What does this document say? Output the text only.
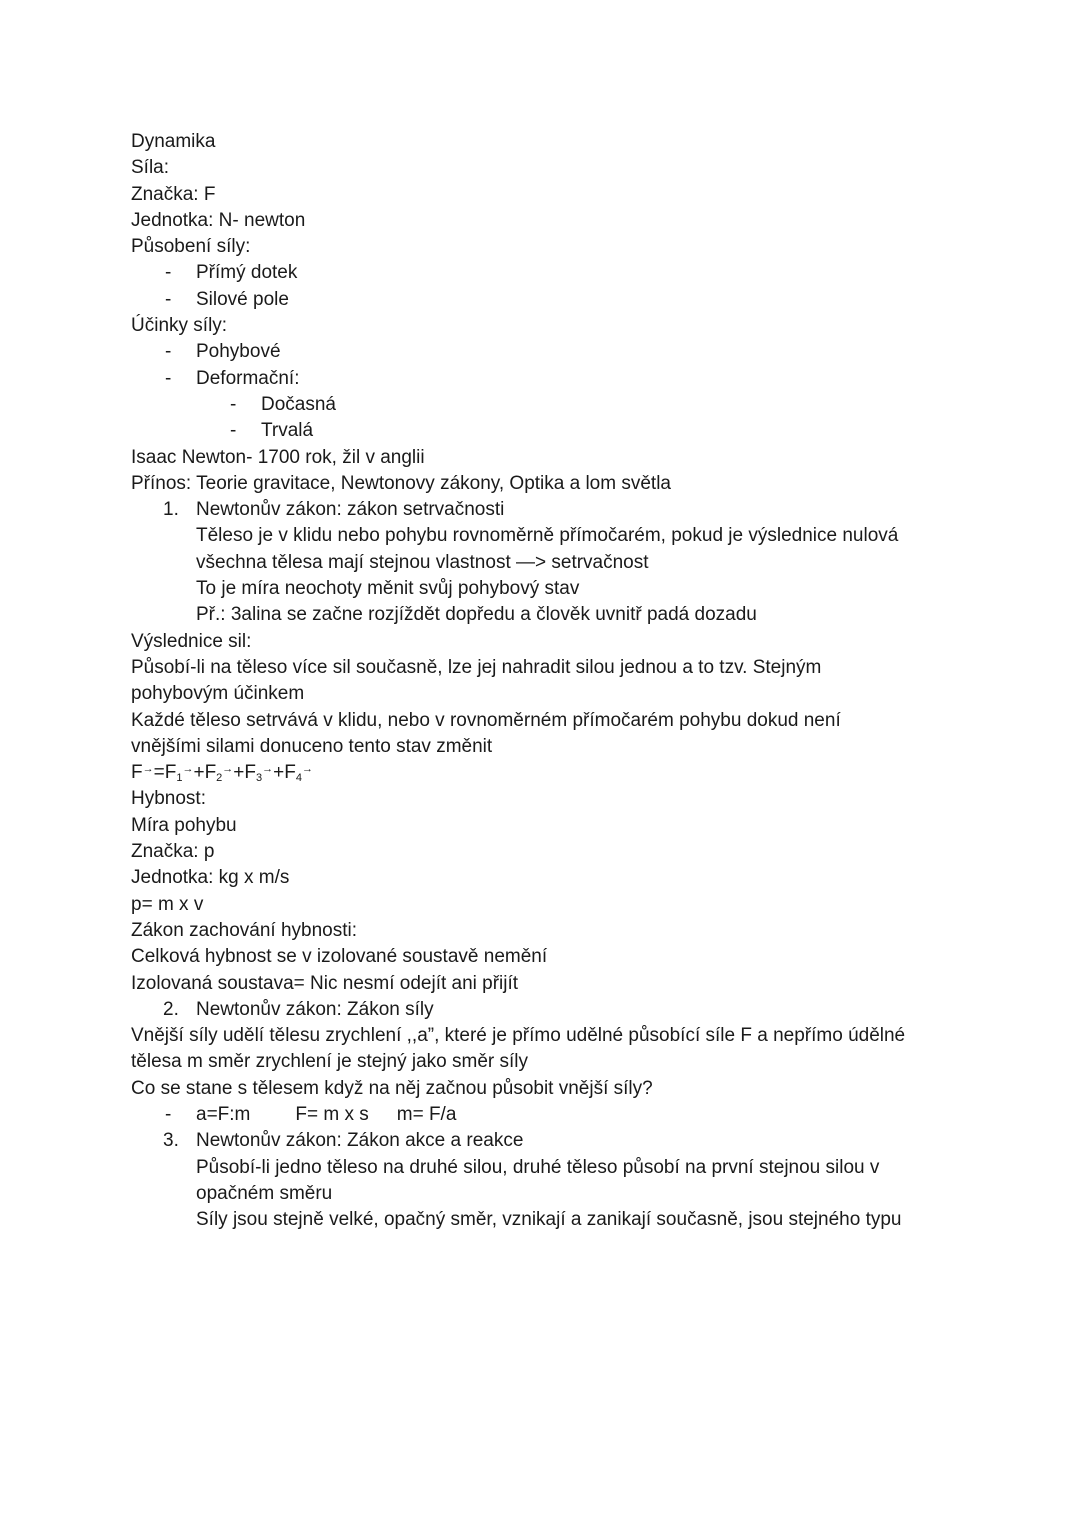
Dynamika

Síla:

Značka: F

Jednotka: N- newton

Působení síly:

- Přímý dotek

- Silové pole

Účinky síly:

- Pohybové

- Deformační:

- Dočasná

- Trvalá

Isaac Newton- 1700 rok, žil v anglii

Přínos: Teorie gravitace, Newtonovy zákony, Optika a lom světla

1. Newtonův zákon: zákon setrvačnosti

Těleso je v klidu nebo pohybu rovnoměrně přímočarém, pokud je výslednice nulová

všechna tělesa mají stejnou vlastnost —> setrvačnost

To je míra neochoty měnit svůj pohybový stav

Př.: 3alina se začne rozjíždět dopředu a člověk uvnitř padá dozadu

Výslednice sil:

Působí-li na těleso více sil současně, lze jej nahradit silou jednou a to tzv. Stejným pohybovým účinkem

Každé těleso setrvává v klidu, nebo v rovnoměrném přímočarém pohybu dokud není vnějšími silami donuceno tento stav změnit

$F^\to=F_1^\to+F_2^\to+F_3^\to+F_4^\to$

Hybnost:

Míra pohybu

Značka: p

Jednotka: kg x m/s

p= m x v

Zákon zachování hybnosti:

Celková hybnost se v izolované soustavě nemění

Izolovaná soustava= Nic nesmí odejít ani přijít

2. Newtonův zákon: Zákon síly

Vnější síly udělí tělesu zrychlení ,,a”, které je přímo udělné působící síle F a nepřímo údělné tělesa m směr zrychlení je stejný jako směr síly

Co se stane s tělesem když na něj začnou působit vnější síly?

- a=F:m F= m x s m= F/a

3. Newtonův zákon: Zákon akce a reakce

Působí-li jedno těleso na druhé silou, druhé těleso působí na první stejnou silou v opačném směru

Síly jsou stejně velké, opačný směr, vznikají a zanikají současně, jsou stejného typu
